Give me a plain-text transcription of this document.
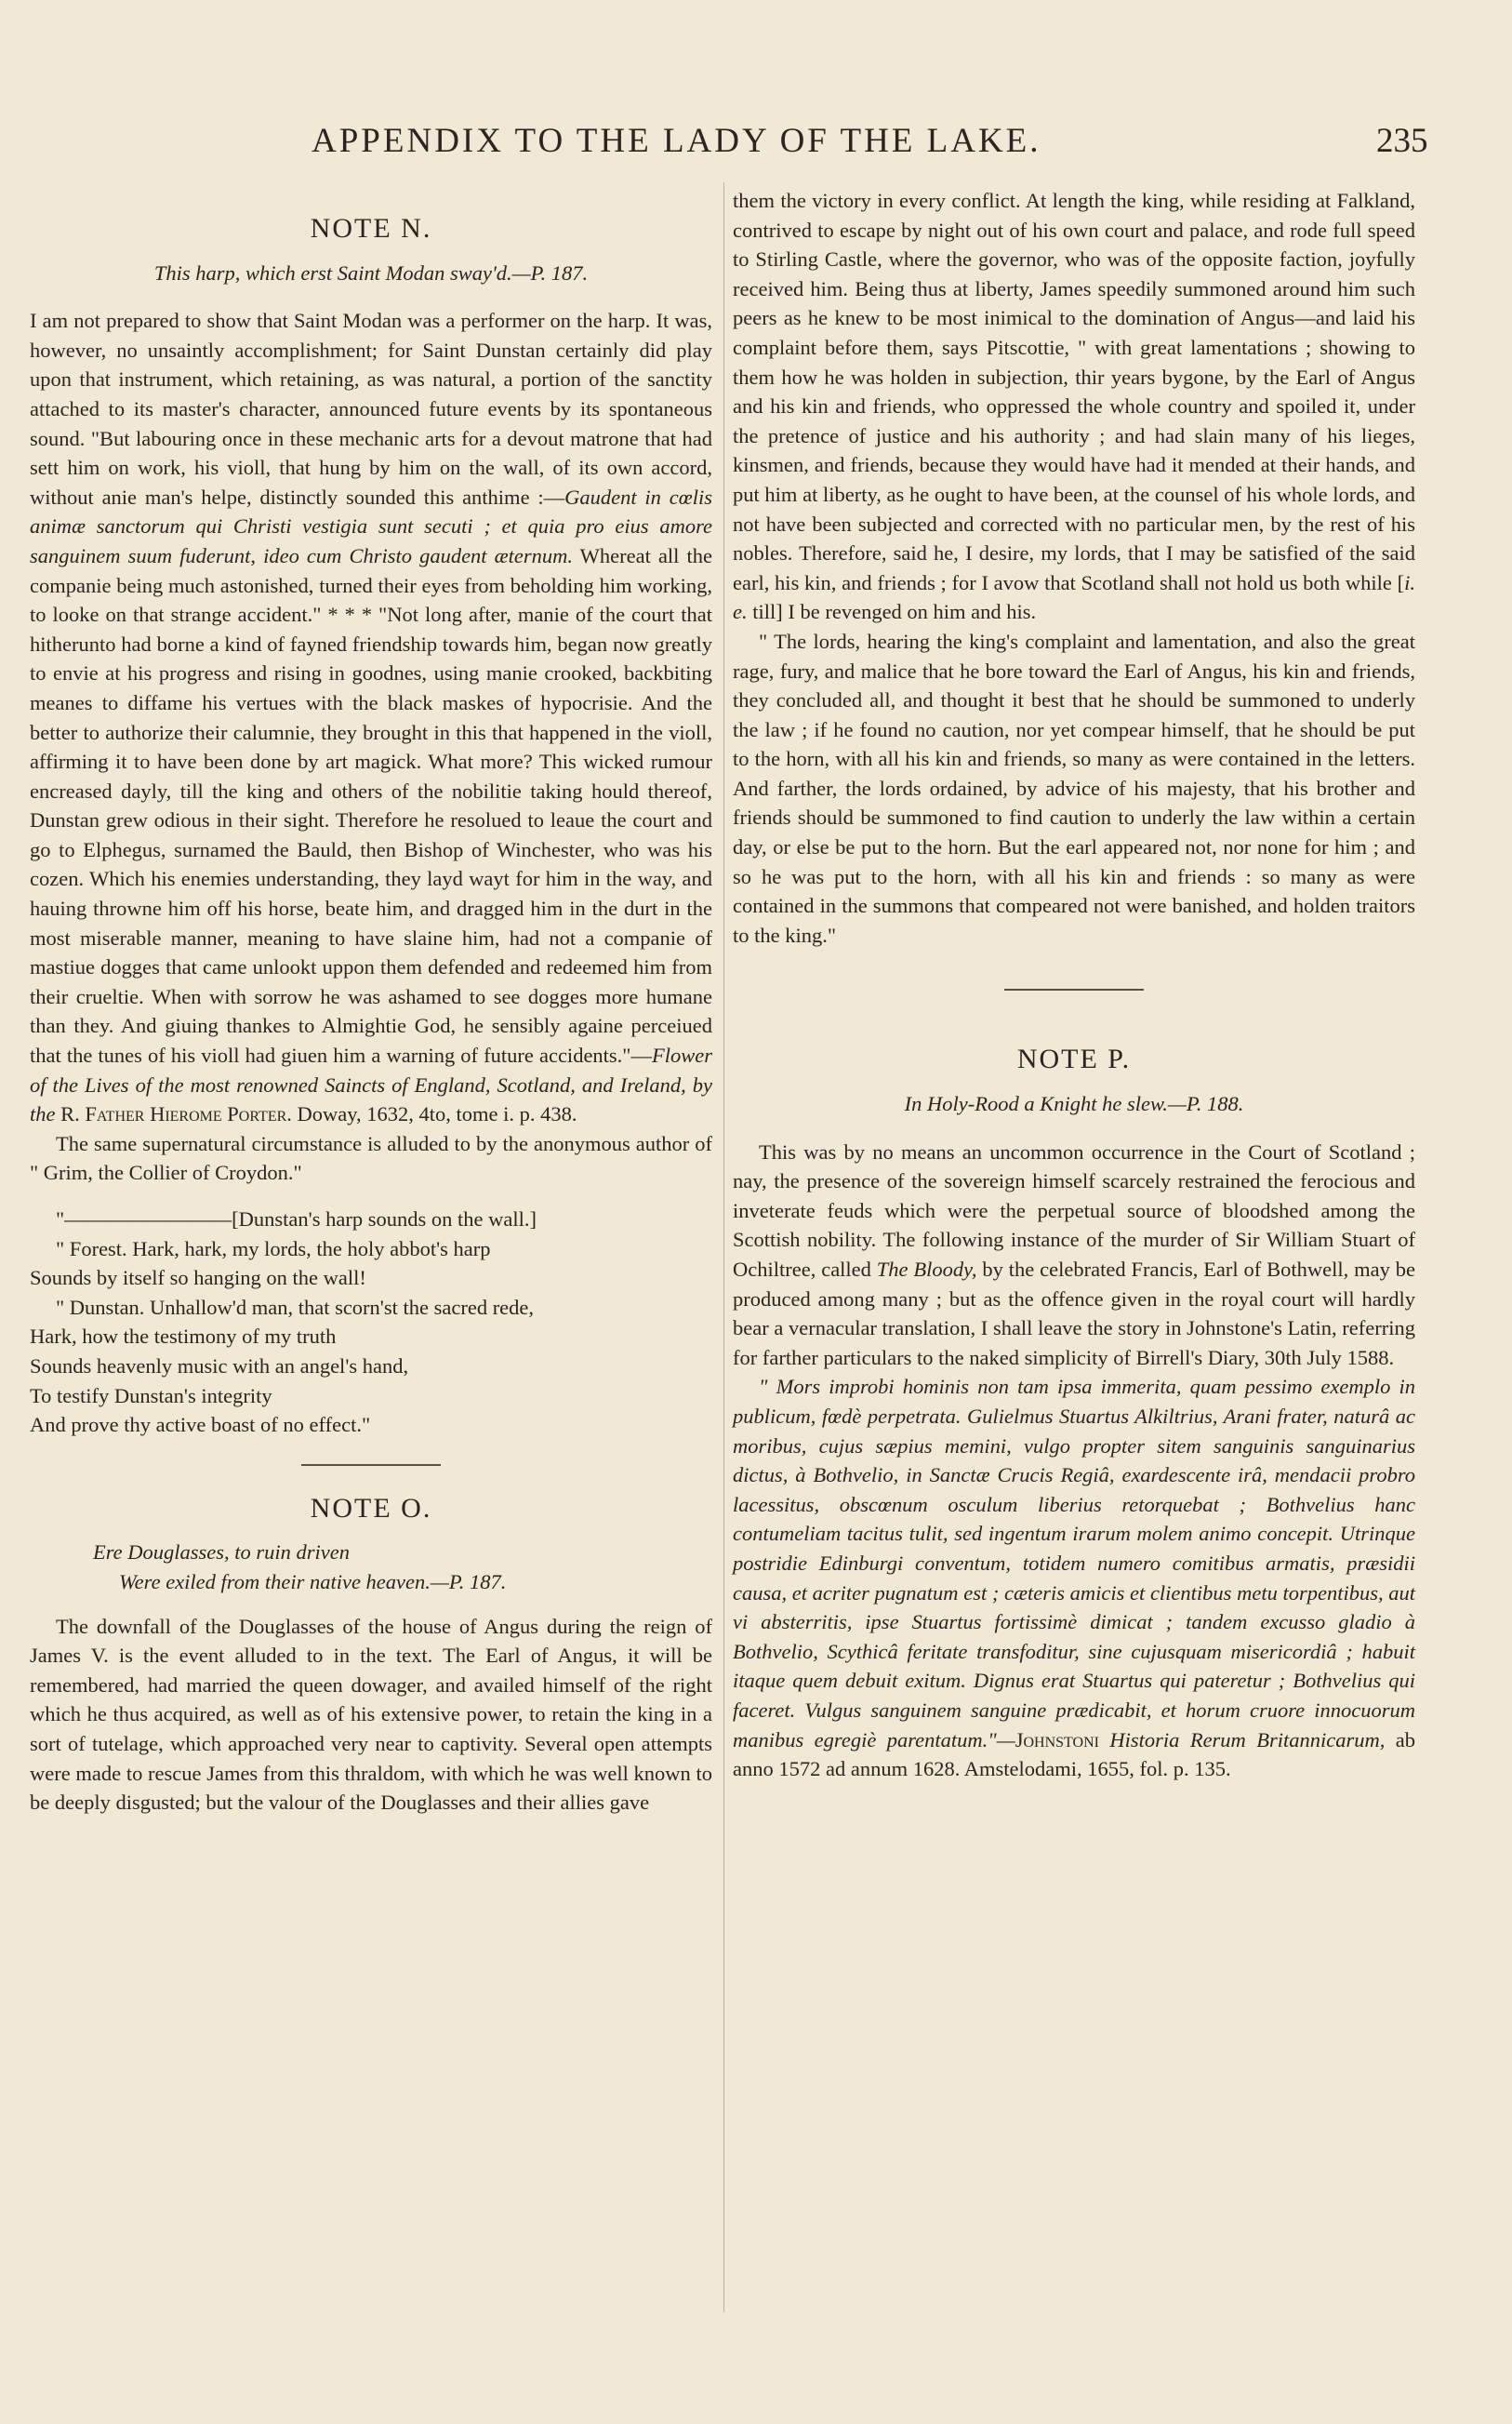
APPENDIX TO THE LADY OF THE LAKE.	235
NOTE N.
This harp, which erst Saint Modan sway'd.—P. 187.

I am not prepared to show that Saint Modan was a performer on the harp. It was, however, no unsaintly accomplishment; for Saint Dunstan certainly did play upon that instrument, which retaining, as was natural, a portion of the sanctity attached to its master's character, announced future events by its spontaneous sound. "But labouring once in these mechanic arts for a devout matrone that had sett him on work, his violl, that hung by him on the wall, of its own accord, without anie man's helpe, distinctly sounded this anthime :—Gaudent in cœlis animæ sanctorum qui Christi vestigia sunt secuti ; et quia pro eius amore sanguinem suum fuderunt, ideo cum Christo gaudent æternum. Whereat all the companie being much astonished, turned their eyes from beholding him working, to looke on that strange accident." * * * "Not long after, manie of the court that hitherunto had borne a kind of fayned friendship towards him, began now greatly to envie at his progress and rising in goodnes, using manie crooked, backbiting meanes to diffame his vertues with the black maskes of hypocrisie. And the better to authorize their calumnie, they brought in this that happened in the violl, affirming it to have been done by art magick. What more? This wicked rumour encreased dayly, till the king and others of the nobilitie taking hould thereof, Dunstan grew odious in their sight. Therefore he resolued to leaue the court and go to Elphegus, surnamed the Bauld, then Bishop of Winchester, who was his cozen. Which his enemies understanding, they layd wayt for him in the way, and hauing throwne him off his horse, beate him, and dragged him in the durt in the most miserable manner, meaning to have slaine him, had not a companie of mastiue dogges that came unlookt uppon them defended and redeemed him from their crueltie. When with sorrow he was ashamed to see dogges more humane than they. And giuing thankes to Almightie God, he sensibly againe perceiued that the tunes of his violl had giuen him a warning of future accidents."—Flower of the Lives of the most renowned Saincts of England, Scotland, and Ireland, by the R. Father Hierome Porter. Doway, 1632, 4to, tome i. p. 438.

The same supernatural circumstance is alluded to by the anonymous author of " Grim, the Collier of Croydon."

"————————[Dunstan's harp sounds on the wall.]
" Forest. Hark, hark, my lords, the holy abbot's harp
Sounds by itself so hanging on the wall!
" Dunstan. Unhallow'd man, that scorn'st the sacred rede,
Hark, how the testimony of my truth
Sounds heavenly music with an angel's hand,
To testify Dunstan's integrity
And prove thy active boast of no effect."
NOTE O.
Ere Douglasses, to ruin driven
Were exiled from their native heaven.—P. 187.

The downfall of the Douglasses of the house of Angus during the reign of James V. is the event alluded to in the text. The Earl of Angus, it will be remembered, had married the queen dowager, and availed himself of the right which he thus acquired, as well as of his extensive power, to retain the king in a sort of tutelage, which approached very near to captivity. Several open attempts were made to rescue James from this thraldom, with which he was well known to be deeply disgusted; but the valour of the Douglasses and their allies gave

them the victory in every conflict. At length the king, while residing at Falkland, contrived to escape by night out of his own court and palace, and rode full speed to Stirling Castle, where the governor, who was of the opposite faction, joyfully received him. Being thus at liberty, James speedily summoned around him such peers as he knew to be most inimical to the domination of Angus—and laid his complaint before them, says Pitscottie, " with great lamentations ; showing to them how he was holden in subjection, thir years bygone, by the Earl of Angus and his kin and friends, who oppressed the whole country and spoiled it, under the pretence of justice and his authority ; and had slain many of his lieges, kinsmen, and friends, because they would have had it mended at their hands, and put him at liberty, as he ought to have been, at the counsel of his whole lords, and not have been subjected and corrected with no particular men, by the rest of his nobles. Therefore, said he, I desire, my lords, that I may be satisfied of the said earl, his kin, and friends ; for I avow that Scotland shall not hold us both while [i. e. till] I be revenged on him and his.

" The lords, hearing the king's complaint and lamentation, and also the great rage, fury, and malice that he bore toward the Earl of Angus, his kin and friends, they concluded all, and thought it best that he should be summoned to underly the law ; if he found no caution, nor yet compear himself, that he should be put to the horn, with all his kin and friends, so many as were contained in the letters. And farther, the lords ordained, by advice of his majesty, that his brother and friends should be summoned to find caution to underly the law within a certain day, or else be put to the horn. But the earl appeared not, nor none for him ; and so he was put to the horn, with all his kin and friends : so many as were contained in the summons that compeared not were banished, and holden traitors to the king."

NOTE P.
In Holy-Rood a Knight he slew.—P. 188.

This was by no means an uncommon occurrence in the Court of Scotland ; nay, the presence of the sovereign himself scarcely restrained the ferocious and inveterate feuds which were the perpetual source of bloodshed among the Scottish nobility. The following instance of the murder of Sir William Stuart of Ochiltree, called The Bloody, by the celebrated Francis, Earl of Bothwell, may be produced among many ; but as the offence given in the royal court will hardly bear a vernacular translation, I shall leave the story in Johnstone's Latin, referring for farther particulars to the naked simplicity of Birrell's Diary, 30th July 1588.

" Mors improbi hominis non tam ipsa immerita, quam pessimo exemplo in publicum, fœdè perpetrata. Gulielmus Stuartus Alkiltrius, Arani frater, naturâ ac moribus, cujus sæpius memini, vulgo propter sitem sanguinis sanguinarius dictus, à Bothvelio, in Sanctæ Crucis Regiâ, exardescente irâ, mendacii probro lacessitus, obscœnum osculum liberius retorquebat ; Bothvelius hanc contumeliam tacitus tulit, sed ingentum irarum molem animo concepit. Utrinque postridie Edinburgi conventum, totidem numero comitibus armatis, præsidii causa, et acriter pugnatum est ; cæteris amicis et clientibus metu torpentibus, aut vi absterritis, ipse Stuartus fortissimè dimicat ; tandem excusso gladio à Bothvelio, Scythicâ feritate transfoditur, sine cujusquam misericordiâ ; habuit itaque quem debuit exitum. Dignus erat Stuartus qui pateretur ; Bothvelius qui faceret. Vulgus sanguinem sanguine prædicabit, et horum cruore innocuorum manibus egregiè parentatum."—Johnstoni Historia Rerum Britannicarum, ab anno 1572 ad annum 1628. Amstelodami, 1655, fol. p. 135.
